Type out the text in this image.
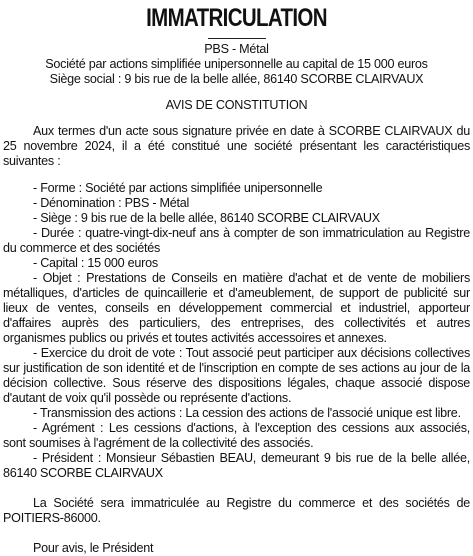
IMMATRICULATION
PBS - Métal
Société par actions simplifiée unipersonnelle au capital de 15 000 euros
Siège social : 9 bis rue de la belle allée, 86140 SCORBE CLAIRVAUX
AVIS DE CONSTITUTION

Aux termes d'un acte sous signature privée en date à SCORBE CLAIRVAUX du 25 novembre 2024, il a été constitué une société présentant les caractéristiques suivantes :

- Forme : Société par actions simplifiée unipersonnelle

- Dénomination : PBS - Métal

- Siège : 9 bis rue de la belle allée, 86140 SCORBE CLAIRVAUX

- Durée : quatre-vingt-dix-neuf ans à compter de son immatriculation au Registre du commerce et des sociétés

- Capital : 15 000 euros

- Objet : Prestations de Conseils en matière d'achat et de vente de mobiliers métalliques, d'articles de quincaillerie et d'ameublement, de support de publicité sur lieux de ventes, conseils en développement commercial et industriel, apporteur d'affaires auprès des particuliers, des entreprises, des collectivités et autres organismes publics ou privés et toutes activités accessoires et annexes.

- Exercice du droit de vote : Tout associé peut participer aux décisions collectives sur justification de son identité et de l'inscription en compte de ses actions au jour de la décision collective. Sous réserve des dispositions légales, chaque associé dispose d'autant de voix qu'il possède ou représente d'actions.

- Transmission des actions : La cession des actions de l'associé unique est libre.

- Agrément : Les cessions d'actions, à l'exception des cessions aux associés, sont soumises à l'agrément de la collectivité des associés.

- Président : Monsieur Sébastien BEAU, demeurant 9 bis rue de la belle allée, 86140 SCORBE CLAIRVAUX

La Société sera immatriculée au Registre du commerce et des sociétés de POITIERS-86000.

Pour avis, le Président
